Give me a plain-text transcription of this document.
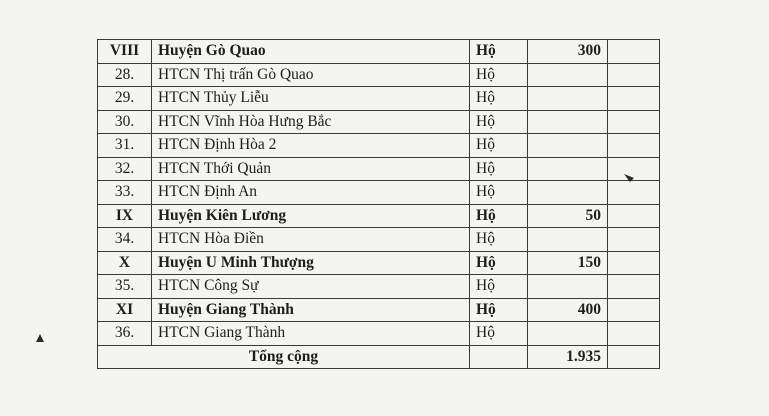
VIII	Huyện Gò Quao	Hộ	300	
28.	HTCN Thị trấn Gò Quao	Hộ		
29.	HTCN Thủy Liễu	Hộ		
30.	HTCN Vĩnh Hòa Hưng Bắc	Hộ		
31.	HTCN Định Hòa 2	Hộ		
32.	HTCN Thới Quản	Hộ		
33.	HTCN Định An	Hộ		
IX	Huyện Kiên Lương	Hộ	50	
34.	HTCN Hòa Điền	Hộ		
X	Huyện U Minh Thượng	Hộ	150	
35.	HTCN Công Sự	Hộ		
XI	Huyện Giang Thành	Hộ	400	
36.	HTCN Giang Thành	Hộ		
Tổng cộng			1.935	
